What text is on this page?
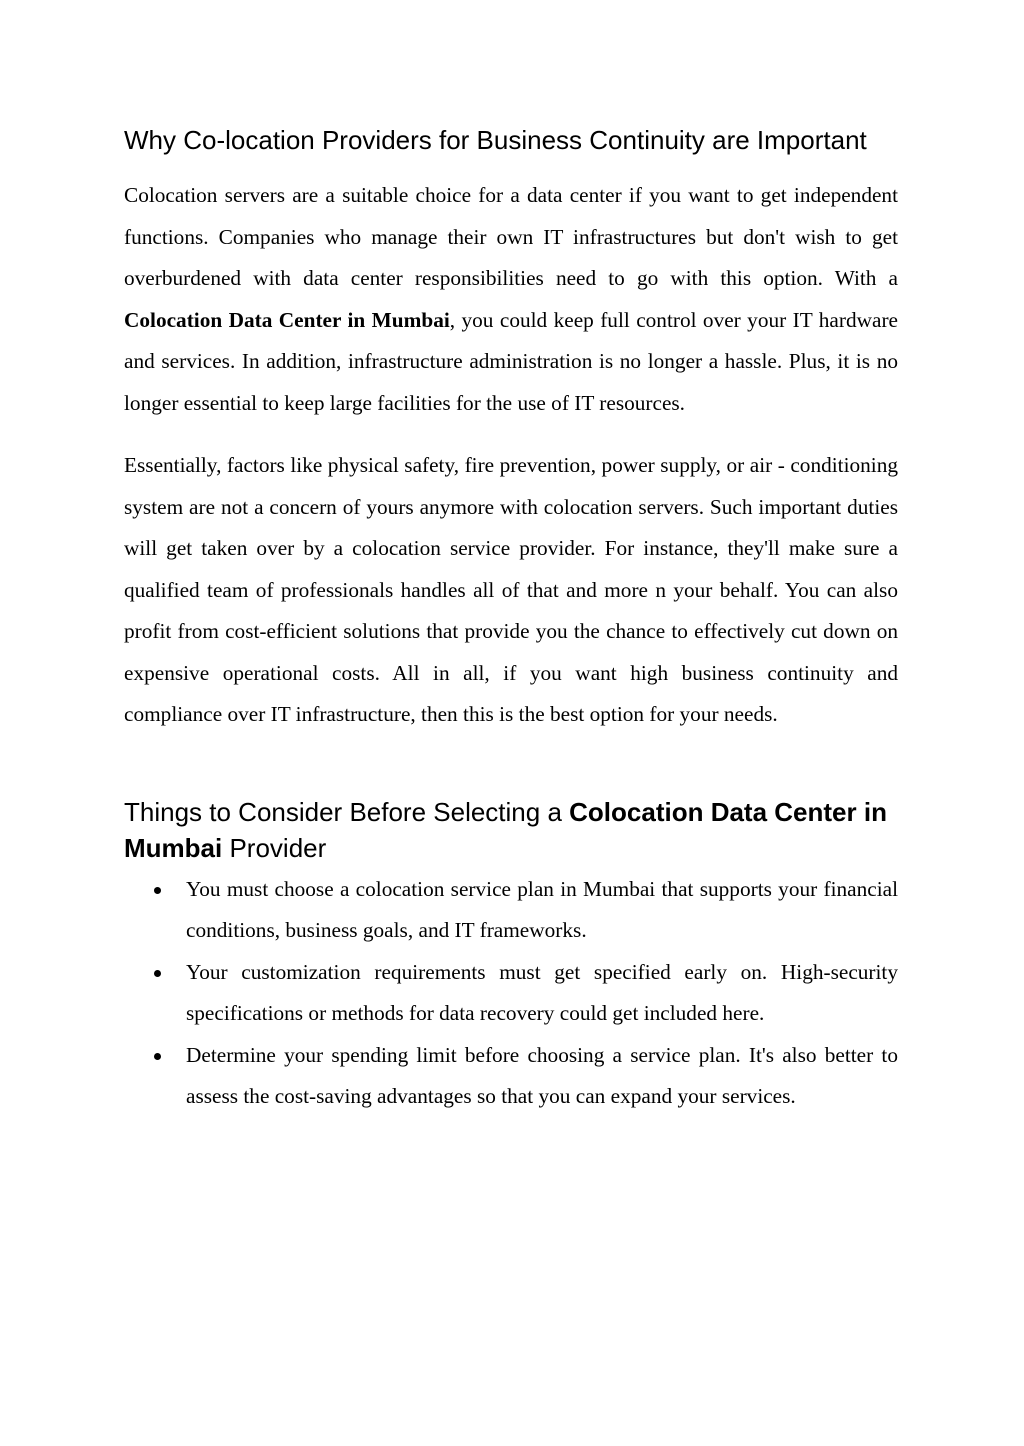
Why Co-location Providers for Business Continuity are Important

Colocation servers are a suitable choice for a data center if you want to get independent functions. Companies who manage their own IT infrastructures but don't wish to get overburdened with data center responsibilities need to go with this option. With a Colocation Data Center in Mumbai, you could keep full control over your IT hardware and services. In addition, infrastructure administration is no longer a hassle. Plus, it is no longer essential to keep large facilities for the use of IT resources.

Essentially, factors like physical safety, fire prevention, power supply, or air - conditioning system are not a concern of yours anymore with colocation servers. Such important duties will get taken over by a colocation service provider. For instance, they'll make sure a qualified team of professionals handles all of that and more n your behalf. You can also profit from cost-efficient solutions that provide you the chance to effectively cut down on expensive operational costs. All in all, if you want high business continuity and compliance over IT infrastructure, then this is the best option for your needs.

Things to Consider Before Selecting a Colocation Data Center in Mumbai Provider
You must choose a colocation service plan in Mumbai that supports your financial conditions, business goals, and IT frameworks.
Your customization requirements must get specified early on. High-security specifications or methods for data recovery could get included here.
Determine your spending limit before choosing a service plan. It's also better to assess the cost-saving advantages so that you can expand your services.
